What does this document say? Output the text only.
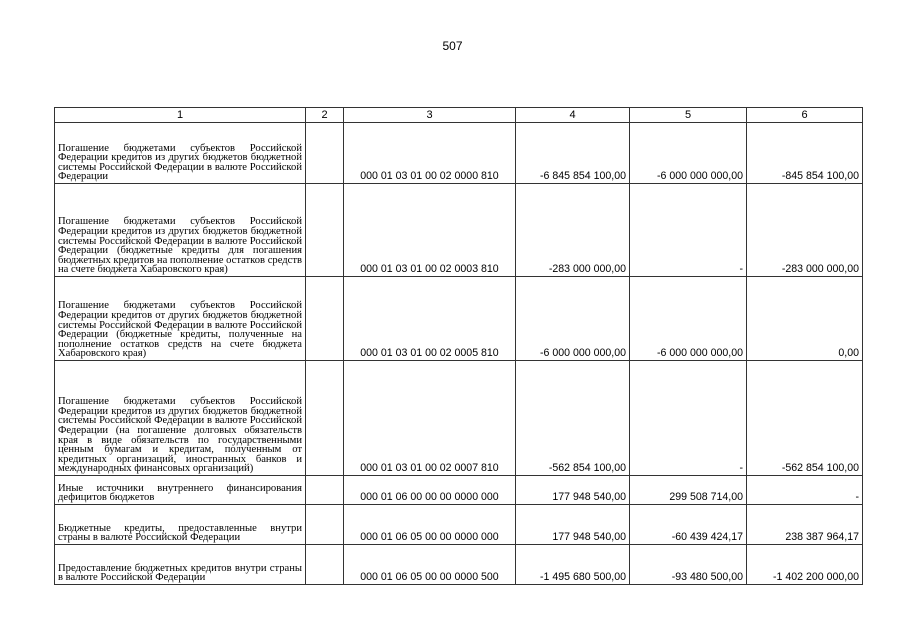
507
1	2	3	4	5	6
Погашение бюджетами субъектов Российской Федерации кредитов из других бюджетов бюджетной системы Российской Федерации в валюте Российской Федерации		000 01 03 01 00 02 0000 810	-6 845 854 100,00	-6 000 000 000,00	-845 854 100,00
Погашение бюджетами субъектов Российской Федерации кредитов из других бюджетов бюджетной системы Российской Федерации в валюте Российской Федерации (бюджетные кредиты для погашения бюджетных кредитов на пополнение остатков средств на счете бюджета Хабаровского края)		000 01 03 01 00 02 0003 810	-283 000 000,00	-	-283 000 000,00
Погашение бюджетами субъектов Российской Федерации кредитов от других бюджетов бюджетной системы Российской Федерации в валюте Российской Федерации (бюджетные кредиты, полученные на пополнение остатков средств на счете бюджета Хабаровского края)		000 01 03 01 00 02 0005 810	-6 000 000 000,00	-6 000 000 000,00	0,00
Погашение бюджетами субъектов Российской Федерации кредитов из других бюджетов бюджетной системы Российской Федерации в валюте Российской Федерации (на погашение долговых обязательств края в виде обязательств по государственными ценным бумагам и кредитам, полученным от кредитных организаций, иностранных банков и международных финансовых организаций)		000 01 03 01 00 02 0007 810	-562 854 100,00	-	-562 854 100,00
Иные источники внутреннего финансирования дефицитов бюджетов		000 01 06 00 00 00 0000 000	177 948 540,00	299 508 714,00	-
Бюджетные кредиты, предоставленные внутри страны в валюте Российской Федерации		000 01 06 05 00 00 0000 000	177 948 540,00	-60 439 424,17	238 387 964,17
Предоставление бюджетных кредитов внутри страны в валюте Российской Федерации		000 01 06 05 00 00 0000 500	-1 495 680 500,00	-93 480 500,00	-1 402 200 000,00
